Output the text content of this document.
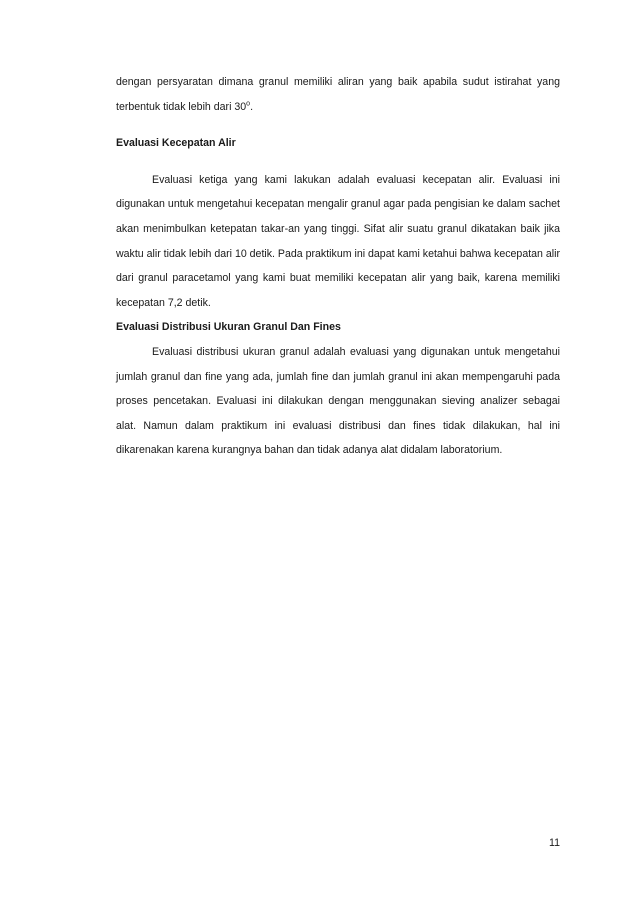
dengan persyaratan dimana granul memiliki aliran yang baik apabila sudut istirahat yang terbentuk tidak lebih dari 30$^o$.

Evaluasi Kecepatan Alir

Evaluasi ketiga yang kami lakukan adalah evaluasi kecepatan alir. Evaluasi ini digunakan untuk mengetahui kecepatan mengalir granul agar pada pengisian ke dalam sachet akan menimbulkan ketepatan takar-an yang tinggi. Sifat alir suatu granul dikatakan baik jika waktu alir tidak lebih dari 10 detik. Pada praktikum ini dapat kami ketahui bahwa kecepatan alir dari granul paracetamol yang kami buat memiliki kecepatan alir yang baik, karena memiliki kecepatan 7,2 detik.

Evaluasi Distribusi Ukuran Granul Dan Fines

Evaluasi distribusi ukuran granul adalah evaluasi yang digunakan untuk mengetahui jumlah granul dan fine yang ada, jumlah fine dan jumlah granul ini akan mempengaruhi pada proses pencetakan. Evaluasi ini dilakukan dengan menggunakan sieving analizer sebagai alat. Namun dalam praktikum ini evaluasi distribusi dan fines tidak dilakukan, hal ini dikarenakan karena kurangnya bahan dan tidak adanya alat didalam laboratorium.

11
